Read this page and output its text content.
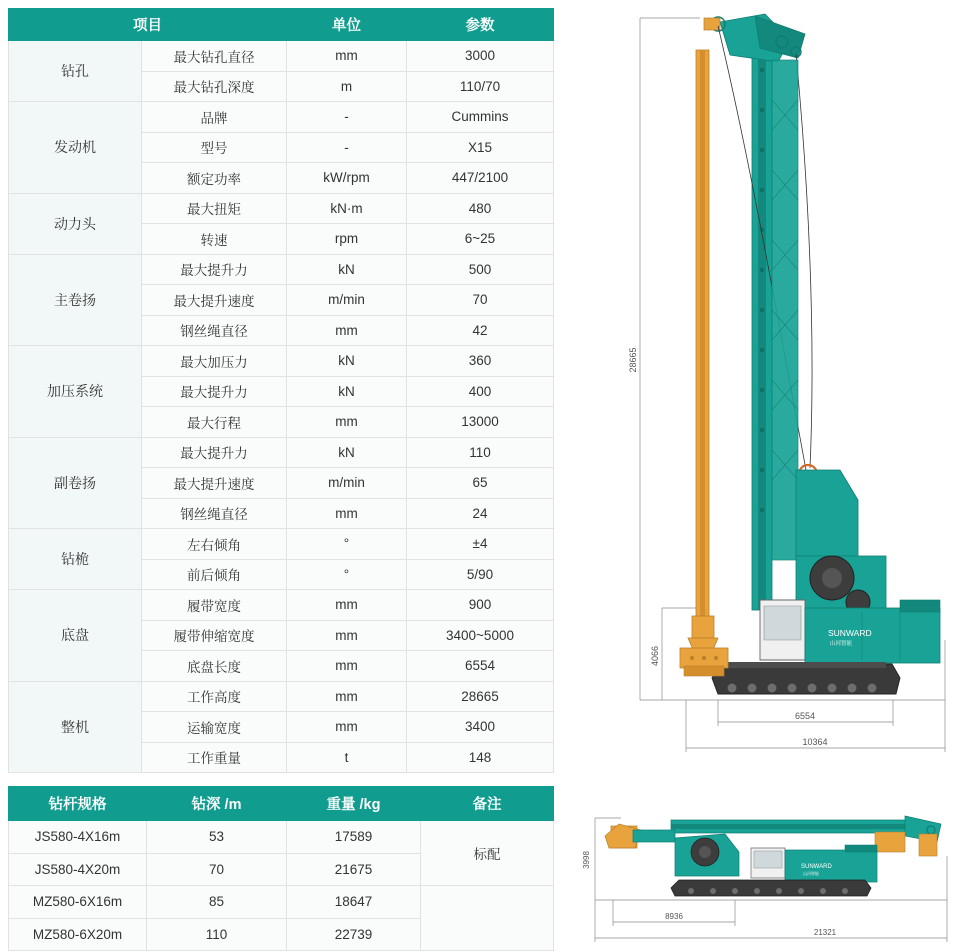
项目		单位	参数
钻孔	最大钻孔直径	mm	3000
	最大钻孔深度	m	110/70
发动机	品牌	-	Cummins
	型号	-	X15
	额定功率	kW/rpm	447/2100
动力头	最大扭矩	kN·m	480
	转速	rpm	6~25
主卷扬	最大提升力	kN	500
	最大提升速度	m/min	70
	钢丝绳直径	mm	42
加压系统	最大加压力	kN	360
	最大提升力	kN	400
	最大行程	mm	13000
副卷扬	最大提升力	kN	110
	最大提升速度	m/min	65
	钢丝绳直径	mm	24
钻桅	左右倾角	°	±4
	前后倾角	°	5/90
底盘	履带宽度	mm	900
	履带伸缩宽度	mm	3400~5000
	底盘长度	mm	6554
整机	工作高度	mm	28665
	运输宽度	mm	3400
	工作重量	t	148
钻杆规格	钻深 /m	重量 /kg	备注
JS580-4X16m	53	17589	标配
JS580-4X20m	70	21675	
MZ580-6X16m	85	18647	
MZ580-6X20m	110	22739	
SUNWARD
山河智能
28665
4066
6554
10364
SUNWARD
山河智能
3998
8936
21321
